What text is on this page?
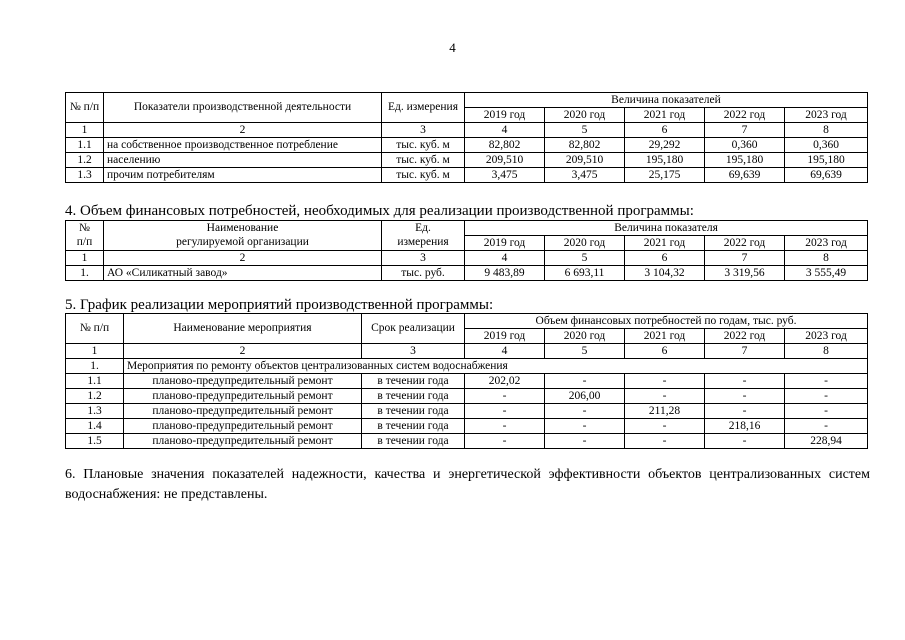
4
№ п/п	Показатели производственной деятельности	Ед. измерения	Величина показателей				
			2019 год	2020 год	2021 год	2022 год	2023 год
1	2	3	4	5	6	7	8
1.1	на собственное производственное потребление	тыс. куб. м	82,802	82,802	29,292	0,360	0,360
1.2	населению	тыс. куб. м	209,510	209,510	195,180	195,180	195,180
1.3	прочим потребителям	тыс. куб. м	3,475	3,475	25,175	69,639	69,639
4. Объем финансовых потребностей, необходимых для реализации производственной программы:
№	Наименование	Ед.	Величина показателя				
п/п	регулируемой организации	измерения	2019 год	2020 год	2021 год	2022 год	2023 год
1	2	3	4	5	6	7	8
1.	АО «Силикатный завод»	тыс. руб.	9 483,89	6 693,11	3 104,32	3 319,56	3 555,49
5. График реализации мероприятий производственной программы:
№ п/п	Наименование мероприятия	Срок реализации	Объем финансовых потребностей по годам, тыс. руб.				
			2019 год	2020 год	2021 год	2022 год	2023 год
1	2	3	4	5	6	7	8
1.	Мероприятия по ремонту объектов централизованных систем водоснабжения						
1.1	планово-предупредительный ремонт	в течении года	202,02	-	-	-	-
1.2	планово-предупредительный ремонт	в течении года	-	206,00	-	-	-
1.3	планово-предупредительный ремонт	в течении года	-	-	211,28	-	-
1.4	планово-предупредительный ремонт	в течении года	-	-	-	218,16	-
1.5	планово-предупредительный ремонт	в течении года	-	-	-	-	228,94
6. Плановые значения показателей надежности, качества и энергетической эффективности объектов централизованных систем водоснабжения: не представлены.
